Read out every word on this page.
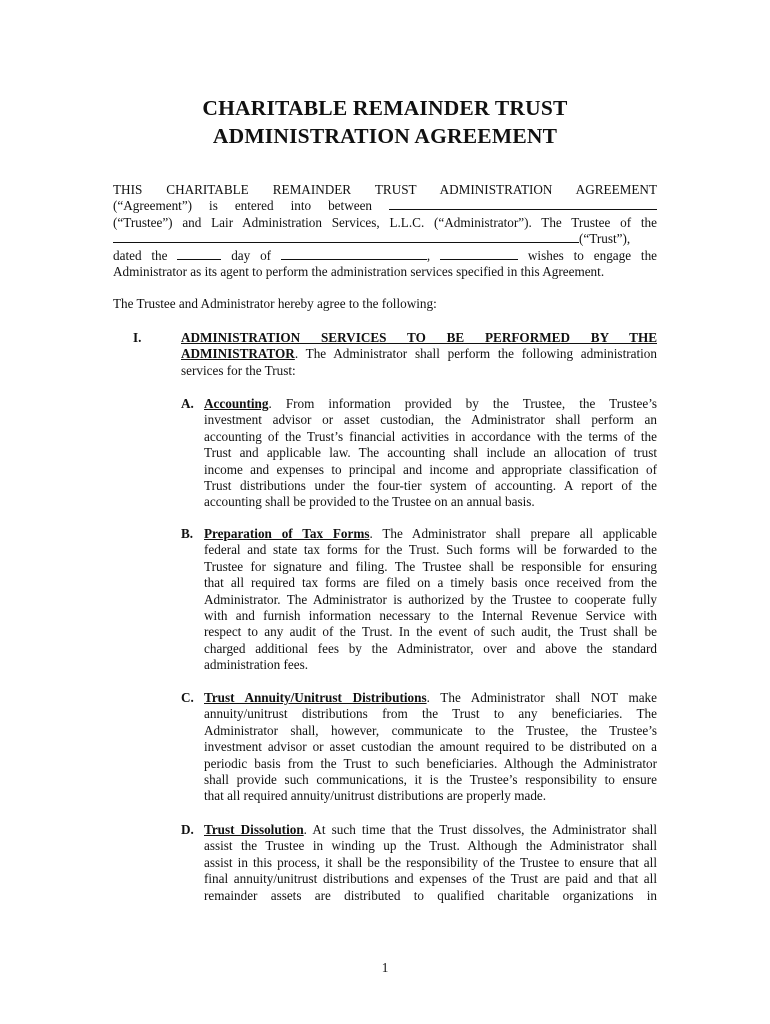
CHARITABLE REMAINDER TRUST
ADMINISTRATION AGREEMENT
THIS CHARITABLE REMAINDER TRUST ADMINISTRATION AGREEMENT
(“Agreement”) is entered into between
(“Trustee”) and Lair Administration Services, L.L.C. (“Administrator”). The Trustee of the
(“Trust”),
dated the	day of	,	wishes to engage the
Administrator as its agent to perform the administration services specified in this Agreement.
The Trustee and Administrator hereby agree to the following:
I.	ADMINISTRATION SERVICES TO BE PERFORMED BY THE
ADMINISTRATOR. The Administrator shall perform the following administration
services for the Trust:
A. Accounting. From information provided by the Trustee, the Trustee’s
investment advisor or asset custodian, the Administrator shall perform an
accounting of the Trust’s financial activities in accordance with the terms of the
Trust and applicable law. The accounting shall include an allocation of trust
income and expenses to principal and income and appropriate classification of
Trust distributions under the four-tier system of accounting. A report of the
accounting shall be provided to the Trustee on an annual basis.
B. Preparation of Tax Forms. The Administrator shall prepare all applicable
federal and state tax forms for the Trust. Such forms will be forwarded to the
Trustee for signature and filing. The Trustee shall be responsible for ensuring
that all required tax forms are filed on a timely basis once received from the
Administrator. The Administrator is authorized by the Trustee to cooperate fully
with and furnish information necessary to the Internal Revenue Service with
respect to any audit of the Trust. In the event of such audit, the Trust shall be
charged additional fees by the Administrator, over and above the standard
administration fees.
C. Trust Annuity/Unitrust Distributions. The Administrator shall NOT make
annuity/unitrust distributions from the Trust to any beneficiaries. The
Administrator shall, however, communicate to the Trustee, the Trustee’s
investment advisor or asset custodian the amount required to be distributed on a
periodic basis from the Trust to such beneficiaries. Although the Administrator
shall provide such communications, it is the Trustee’s responsibility to ensure
that all required annuity/unitrust distributions are properly made.
D. Trust Dissolution. At such time that the Trust dissolves, the Administrator shall
assist the Trustee in winding up the Trust. Although the Administrator shall
assist in this process, it shall be the responsibility of the Trustee to ensure that all
final annuity/unitrust distributions and expenses of the Trust are paid and that all
remainder assets are distributed to qualified charitable organizations in
1
